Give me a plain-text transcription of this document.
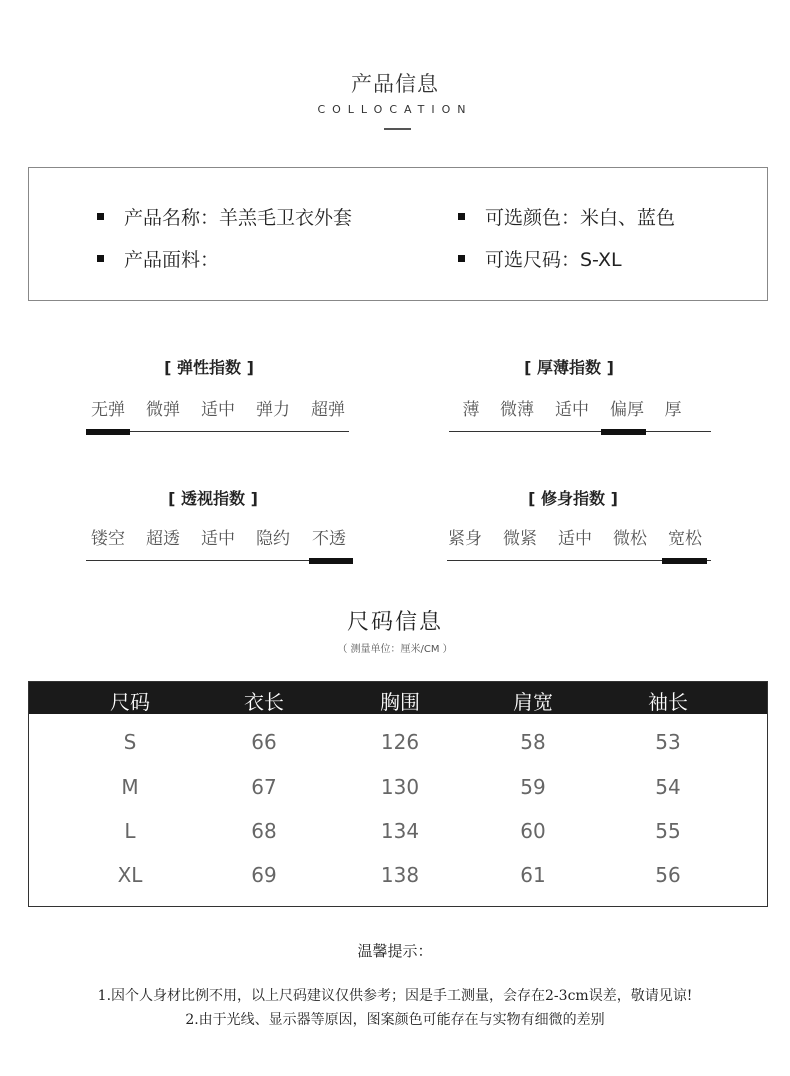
产品信息
COLLOCATION
产品名称：羊羔毛卫衣外套
产品面料：
可选颜色：米白、蓝色
可选尺码：S-XL
[ 弹性指数 ]
无弹	微弹	适中	弹力	超弹
[ 厚薄指数 ]
薄	微薄	适中	偏厚	厚
[ 透视指数 ]
镂空	超透	适中	隐约	不透
[ 修身指数 ]
紧身	微紧	适中	微松	宽松
尺码信息
（ 测量单位：厘米/CM ）
尺码	衣长	胸围	肩宽	袖长
S	66	126	58	53
M	67	130	59	54
L	68	134	60	55
XL	69	138	61	56
温馨提示：
1.因个人身材比例不用，以上尺码建议仅供参考；因是手工测量，会存在2-3cm误差，敬请见谅!
2.由于光线、显示器等原因，图案颜色可能存在与实物有细微的差别
